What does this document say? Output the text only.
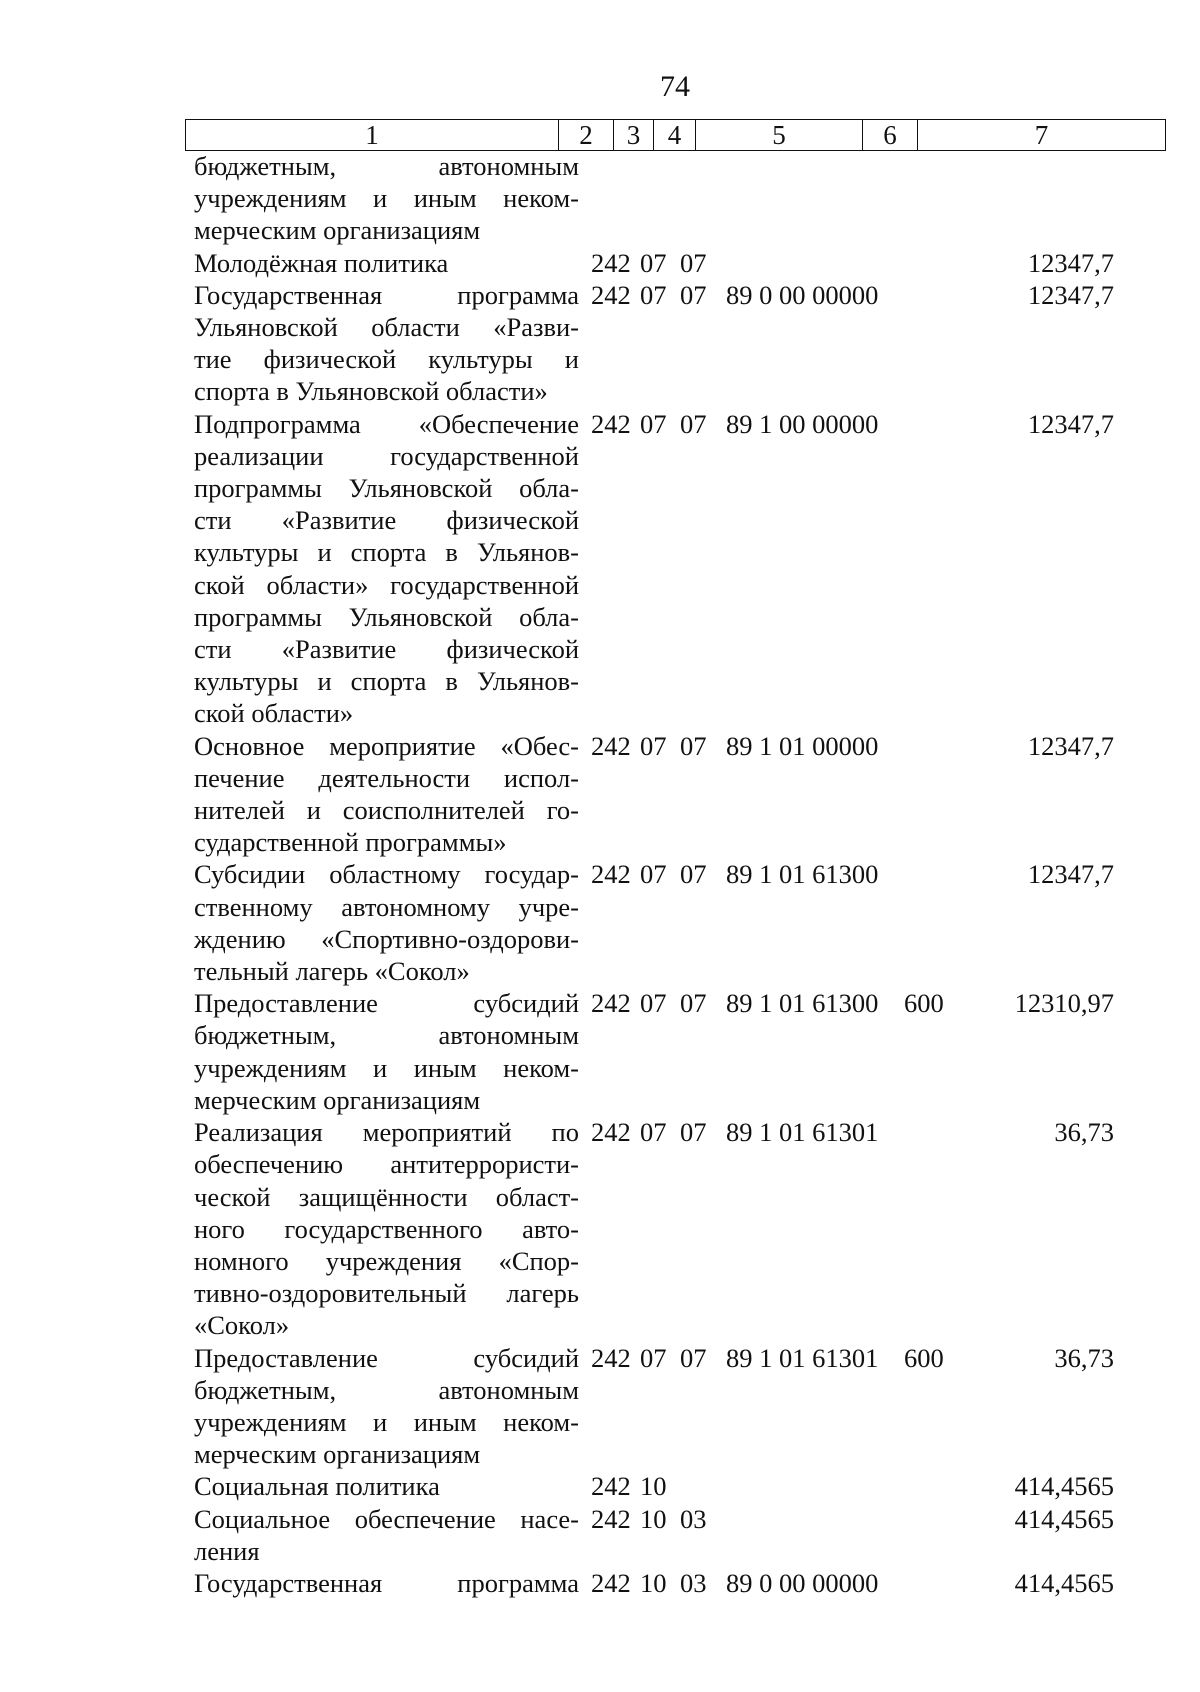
74
1	2	3	4	5	6	7
бюджетным, автономным
учреждениям и иным неком-
мерческим организациям
Молодёжная политика	242 07 07	12347,7
Государственная программа
Ульяновской области «Разви-
тие физической культуры и
спорта в Ульяновской области»
242 07 07 89 0 00 00000	12347,7
Подпрограмма «Обеспечение
реализации государственной
программы Ульяновской обла-
сти «Развитие физической
культуры и спорта в Ульянов-
ской области» государственной
программы Ульяновской обла-
сти «Развитие физической
культуры и спорта в Ульянов-
ской области»
242 07 07 89 1 00 00000	12347,7
Основное мероприятие «Обес-
печение деятельности испол-
нителей и соисполнителей го-
сударственной программы»
242 07 07 89 1 01 00000	12347,7
Субсидии областному государ-
ственному автономному учре-
ждению «Спортивно-оздорови-
тельный лагерь «Сокол»
242 07 07 89 1 01 61300	12347,7
Предоставление субсидий
бюджетным, автономным
учреждениям и иным неком-
мерческим организациям
242 07 07 89 1 01 61300 600	12310,97
Реализация мероприятий по
обеспечению антитеррористи-
ческой защищённости област-
ного государственного авто-
номного учреждения «Спор-
тивно-оздоровительный лагерь
«Сокол»
242 07 07 89 1 01 61301	36,73
Предоставление субсидий
бюджетным, автономным
учреждениям и иным неком-
мерческим организациям
242 07 07 89 1 01 61301 600	36,73
Социальная политика	242 10	414,4565
Социальное обеспечение насе-
ления
242 10 03	414,4565
Государственная программа 242 10 03 89 0 00 00000	414,4565
